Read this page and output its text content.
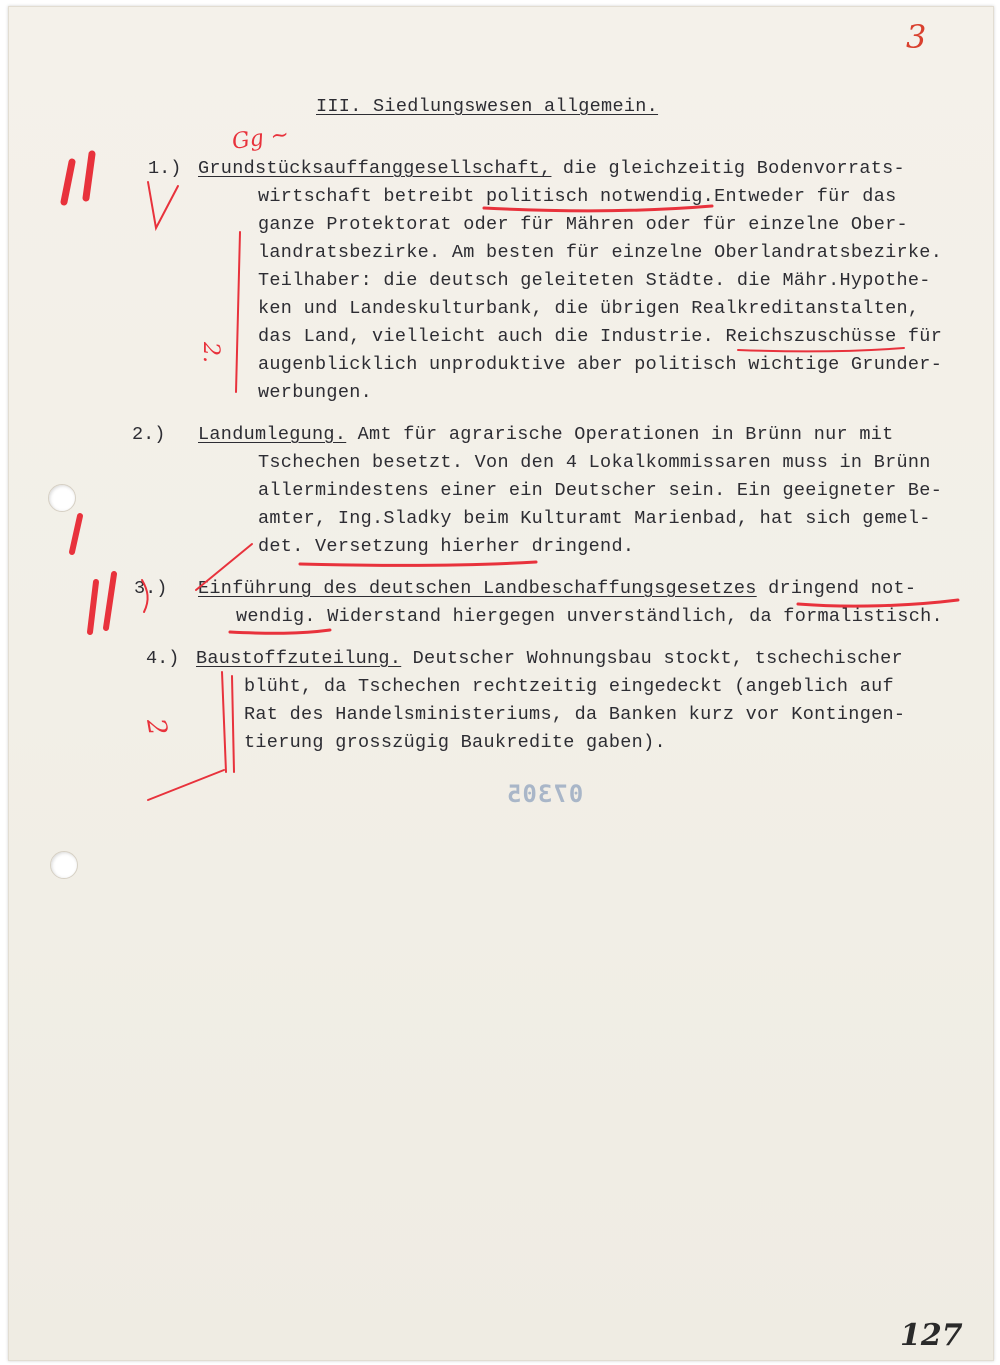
3

III. Siedlungswesen allgemein.

1.) Grundstücksauffanggesellschaft, die gleichzeitig Bodenvorrats-

wirtschaft betreibt politisch notwendig.Entweder für das

ganze Protektorat oder für Mähren oder für einzelne Ober-

landratsbezirke. Am besten für einzelne Oberlandratsbezirke.

Teilhaber: die deutsch geleiteten Städte. die Mähr.Hypothe-

ken und Landeskulturbank, die übrigen Realkreditanstalten,

das Land, vielleicht auch die Industrie. Reichszuschüsse für

augenblicklich unproduktive aber politisch wichtige Grunder-

werbungen.

2.) Landumlegung. Amt für agrarische Operationen in Brünn nur mit

Tschechen besetzt. Von den 4 Lokalkommissaren muss in Brünn

allermindestens einer ein Deutscher sein. Ein geeigneter Be-

amter, Ing.Sladky beim Kulturamt Marienbad, hat sich gemel-

det. Versetzung hierher dringend.

3.) Einführung des deutschen Landbeschaffungsgesetzes dringend not-

wendig. Widerstand hiergegen unverständlich, da formalistisch.

4.) Baustoffzuteilung. Deutscher Wohnungsbau stockt, tschechischer

blüht, da Tschechen rechtzeitig eingedeckt (angeblich auf

Rat des Handelsministeriums, da Banken kurz vor Kontingen-

tierung grosszügig Baukredite gaben).

07305

Gg ~

2.

2

127
